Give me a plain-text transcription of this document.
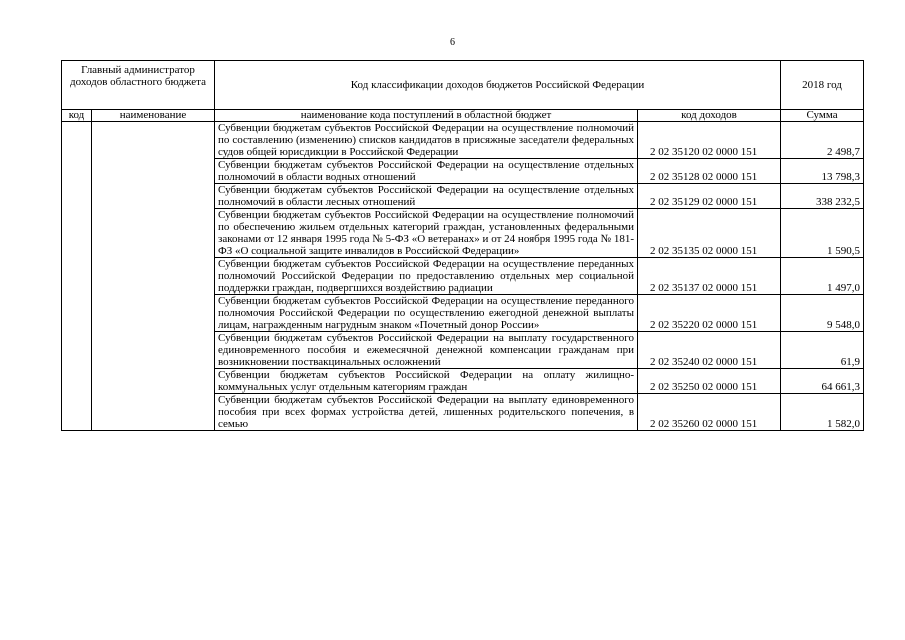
6
Главный администратор доходов областного бюджета		Код классификации доходов бюджетов Российской Федерации		2018 год
код	наименование	наименование кода поступлений в областной бюджет	код доходов	Сумма
		Субвенции бюджетам субъектов Российской Федерации на осуществление полномочий по составлению (изменению) списков кандидатов в присяжные заседатели федеральных судов общей юрисдикции в Российской Федерации	2 02 35120 02 0000 151	2 498,7
		Субвенции бюджетам субъектов Российской Федерации на осуществление отдельных полномочий в области водных отношений	2 02 35128 02 0000 151	13 798,3
		Субвенции бюджетам субъектов Российской Федерации на осуществление отдельных полномочий в области лесных отношений	2 02 35129 02 0000 151	338 232,5
		Субвенции бюджетам субъектов Российской Федерации на осуществление полномочий по обеспечению жильем отдельных категорий граждан, установленных федеральными законами от 12 января 1995 года № 5-ФЗ «О ветеранах» и от 24 ноября 1995 года № 181-ФЗ «О социальной защите инвалидов в Российской Федерации»	2 02 35135 02 0000 151	1 590,5
		Субвенции бюджетам субъектов Российской Федерации на осуществление переданных полномочий Российской Федерации по предоставлению отдельных мер социальной поддержки граждан, подвергшихся воздействию радиации	2 02 35137 02 0000 151	1 497,0
		Субвенции бюджетам субъектов Российской Федерации на осуществление переданного полномочия Российской Федерации по осуществлению ежегодной денежной выплаты лицам, награжденным нагрудным знаком «Почетный донор России»	2 02 35220 02 0000 151	9 548,0
		Субвенции бюджетам субъектов Российской Федерации на выплату государственного единовременного пособия и ежемесячной денежной компенсации гражданам при возникновении поствакцинальных осложнений	2 02 35240 02 0000 151	61,9
		Субвенции бюджетам субъектов Российской Федерации на оплату жилищно-коммунальных услуг отдельным категориям граждан	2 02 35250 02 0000 151	64 661,3
		Субвенции бюджетам субъектов Российской Федерации на выплату единовременного пособия при всех формах устройства детей, лишенных родительского попечения, в семью	2 02 35260 02 0000 151	1 582,0
